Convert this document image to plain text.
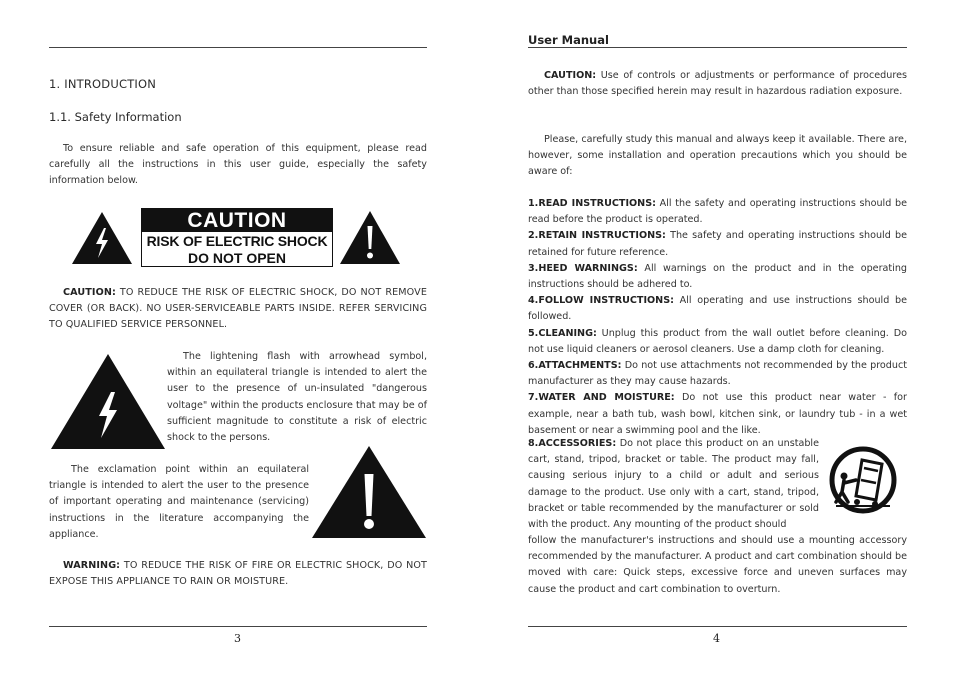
1. INTRODUCTION
1.1. Safety Information
To ensure reliable and safe operation of this equipment, please read carefully all the instructions in this user guide, especially the safety information below.
CAUTION
RISK OF ELECTRIC SHOCK
DO NOT OPEN
CAUTION: TO REDUCE THE RISK OF ELECTRIC SHOCK, DO NOT REMOVE COVER (OR BACK). NO USER-SERVICEABLE PARTS INSIDE. REFER SERVICING TO QUALIFIED SERVICE PERSONNEL.
The lightening flash with arrowhead symbol, within an equilateral triangle is intended to alert the user to the presence of un-insulated "dangerous voltage" within the products enclosure that may be of sufficient magnitude to constitute a risk of electric shock to the persons.
The exclamation point within an equilateral triangle is intended to alert the user to the presence of important operating and maintenance (servicing) instructions in the literature accompanying the appliance.
WARNING: TO REDUCE THE RISK OF FIRE OR ELECTRIC SHOCK, DO NOT EXPOSE THIS APPLIANCE TO RAIN OR MOISTURE.
3
User Manual
CAUTION: Use of controls or adjustments or performance of procedures other than those specified herein may result in hazardous radiation exposure.
Please, carefully study this manual and always keep it available. There are, however, some installation and operation precautions which you should be aware of:
1.READ INSTRUCTIONS: All the safety and operating instructions should be read before the product is operated.
2.RETAIN INSTRUCTIONS: The safety and operating instructions should be retained for future reference.
3.HEED WARNINGS: All warnings on the product and in the operating instructions should be adhered to.
4.FOLLOW INSTRUCTIONS: All operating and use instructions should be followed.
5.CLEANING: Unplug this product from the wall outlet before cleaning. Do not use liquid cleaners or aerosol cleaners. Use a damp cloth for cleaning.
6.ATTACHMENTS: Do not use attachments not recommended by the product manufacturer as they may cause hazards.
7.WATER AND MOISTURE: Do not use this product near water - for example, near a bath tub, wash bowl, kitchen sink, or laundry tub - in a wet basement or near a swimming pool and the like.
8.ACCESSORIES: Do not place this product on an unstable cart, stand, tripod, bracket or table. The product may fall, causing serious injury to a child or adult and serious damage to the product. Use only with a cart, stand, tripod, bracket or table recommended by the manufacturer or sold with the product. Any mounting of the product should
follow the manufacturer's instructions and should use a mounting accessory recommended by the manufacturer. A product and cart combination should be moved with care: Quick steps, excessive force and uneven surfaces may cause the product and cart combination to overturn.
4
